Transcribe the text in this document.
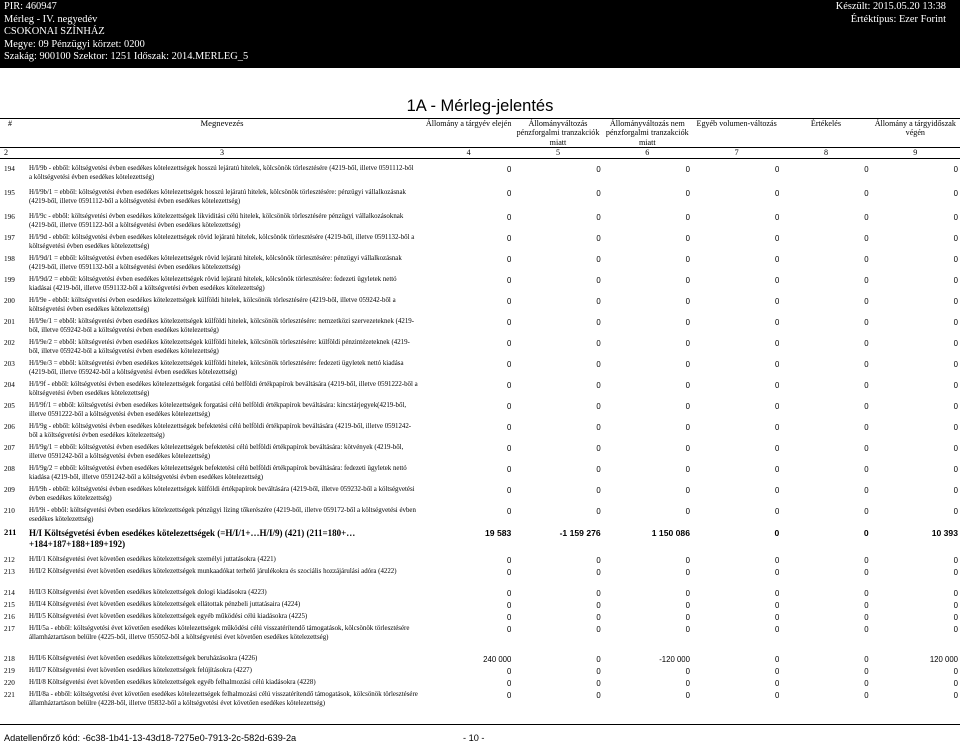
PIR: 460947
Mérleg - IV. negyedév
CSOKONAI SZÍNHÁZ
Megye: 09 Pénzügyi körzet: 0200
Szakág: 900100 Szektor: 1251 Időszak: 2014.MERLEG_5
Készült: 2015.05.20 13:38
Értéktípus: Ezer Forint
1A - Mérleg-jelentés
#	Megnevezés	Állomány a tárgyév elején	Állományváltozás pénzforgalmi tranzakciók miatt	Állományváltozás nem pénzforgalmi tranzakciók miatt	Egyéb volumen-változás	Értékelés	Állomány a tárgyidőszak végén
2	3	4	5	6	7	8	9

194	H/I/9b - ebből: költségvetési évben esedékes kötelezettségek hosszú lejáratú hitelek, kölcsönök törlesztésére (4219-ből, illetve 0591112-ből a költségvetési évben esedékes kötelezettség)	0	0	0	0	0	0
195	H/I/9b/1 = ebből: költségvetési évben esedékes kötelezettségek hosszú lejáratú hitelek, kölcsönök törlesztésére: pénzügyi vállalkozásnak (4219-ből, illetve 0591112-ből a költségvetési évben esedékes kötelezettség)	0	0	0	0	0	0
196	H/I/9c - ebből: költségvetési évben esedékes kötelezettségek likviditási célú hitelek, kölcsönök törlesztésére pénzügyi vállalkozásoknak (4219-ből, illetve 0591122-ből a költségvetési évben esedékes kötelezettség)	0	0	0	0	0	0
197	H/I/9d - ebből: költségvetési évben esedékes kötelezettségek rövid lejáratú hitelek, kölcsönök törlesztésére (4219-ből, illetve 0591132-ből a költségvetési évben esedékes kötelezettség)	0	0	0	0	0	0
198	H/I/9d/1 = ebből: költségvetési évben esedékes kötelezettségek rövid lejáratú hitelek, kölcsönök törlesztésére: pénzügyi vállalkozásnak (4219-ből, illetve 0591132-ből a költségvetési évben esedékes kötelezettség)	0	0	0	0	0	0
199	H/I/9d/2 = ebből: költségvetési évben esedékes kötelezettségek rövid lejáratú hitelek, kölcsönök törlesztésére: fedezeti ügyletek nettó kiadásai (4219-ből, illetve 0591132-ből a költségvetési évben esedékes kötelezettség)	0	0	0	0	0	0
200	H/I/9e - ebből: költségvetési évben esedékes kötelezettségek külföldi hitelek, kölcsönök törlesztésére (4219-ből, illetve 059242-ből a költségvetési évben esedékes kötelezettség)	0	0	0	0	0	0
201	H/I/9e/1 = ebből: költségvetési évben esedékes kötelezettségek külföldi hitelek, kölcsönök törlesztésére: nemzetközi szervezeteknek (4219-ből, illetve 059242-ből a költségvetési évben esedékes kötelezettség)	0	0	0	0	0	0
202	H/I/9e/2 = ebből: költségvetési évben esedékes kötelezettségek külföldi hitelek, kölcsönök törlesztésére: külföldi pénzintézeteknek (4219-ből, illetve 059242-ből a költségvetési évben esedékes kötelezettség)	0	0	0	0	0	0
203	H/I/9e/3 = ebből: költségvetési évben esedékes kötelezettségek külföldi hitelek, kölcsönök törlesztésére: fedezeti ügyletek nettó kiadása (4219-ből, illetve 059242-ből a költségvetési évben esedékes kötelezettség)	0	0	0	0	0	0
204	H/I/9f - ebből: költségvetési évben esedékes kötelezettségek forgatási célú belföldi értékpapírok beváltására (4219-ből, illetve 0591222-ből a költségvetési évben esedékes kötelezettség)	0	0	0	0	0	0
205	H/I/9f/1 = ebből: költségvetési évben esedékes kötelezettségek forgatási célú belföldi értékpapírok beváltására: kincstárjegyek(4219-ből, illetve 0591222-ből a költségvetési évben esedékes kötelezettség)	0	0	0	0	0	0
206	H/I/9g - ebből: költségvetési évben esedékes kötelezettségek befektetési célú belföldi értékpapírok beváltására (4219-ből, illetve 0591242-ből a költségvetési évben esedékes kötelezettség)	0	0	0	0	0	0
207	H/I/9g/1 = ebből: költségvetési évben esedékes kötelezettségek befektetési célú belföldi értékpapírok beváltására: kötvények (4219-ből, illetve 0591242-ből a költségvetési évben esedékes kötelezettség)	0	0	0	0	0	0
208	H/I/9g/2 = ebből: költségvetési évben esedékes kötelezettségek befektetési célú belföldi értékpapírok beváltására: fedezeti ügyletek nettó kiadása (4219-ből, illetve 0591242-ből a költségvetési évben esedékes kötelezettség)	0	0	0	0	0	0
209	H/I/9h - ebből: költségvetési évben esedékes kötelezettségek külföldi értékpapírok beváltására (4219-ből, illetve 059232-ből a költségvetési évben esedékes kötelezettség)	0	0	0	0	0	0
210	H/I/9i - ebből: költségvetési évben esedékes kötelezettségek pénzügyi lízing tőkerészére (4219-ből, illetve 059172-ből a költségvetési évben esedékes kötelezettség)	0	0	0	0	0	0
211	H/I Költségvetési évben esedékes kötelezettségek (=H/I/1+…H/I/9) (421) (211=180+…+184+187+188+189+192)	19 583	-1 159 276	1 150 086	0	0	10 393
212	H/II/1 Költségvetési évet követően esedékes kötelezettségek személyi juttatásokra (4221)	0	0	0	0	0	0
213	H/II/2 Költségvetési évet követően esedékes kötelezettségek munkaadókat terhelő járulékokra és szociális hozzájárulási adóra (4222)	0	0	0	0	0	0
214	H/II/3 Költségvetési évet követően esedékes kötelezettségek dologi kiadásokra (4223)	0	0	0	0	0	0
215	H/II/4 Költségvetési évet követően esedékes kötelezettségek ellátottak pénzbeli juttatásaira (4224)	0	0	0	0	0	0
216	H/II/5 Költségvetési évet követően esedékes kötelezettségek egyéb működési célú kiadásokra (4225)	0	0	0	0	0	0
217	H/II/5a - ebből: költségvetési évet követően esedékes kötelezettségek működési célú visszatérítendő támogatások, kölcsönök törlesztésére államháztartáson belülre (4225-ből, illetve 055052-ből a költségvetési évet követően esedékes kötelezettség)	0	0	0	0	0	0
218	H/II/6 Költségvetési évet követően esedékes kötelezettségek beruházásokra (4226)	240 000	0	-120 000	0	0	120 000
219	H/II/7 Költségvetési évet követően esedékes kötelezettségek felújításokra (4227)	0	0	0	0	0	0
220	H/II/8 Költségvetési évet követően esedékes kötelezettségek egyéb felhalmozási célú kiadásokra (4228)	0	0	0	0	0	0
221	H/II/8a - ebből: költségvetési évet követően esedékes kötelezettségek felhalmozási célú visszatérítendő támogatások, kölcsönök törlesztésére államháztartáson belülre (4228-ből, illetve 05832-ből a költségvetési évet követően esedékes kötelezettség)	0	0	0	0	0	0
Adatellenőrző kód: -6c38-1b41-13-43d18-7275e0-7913-2c-582d-639-2a	- 10 -
